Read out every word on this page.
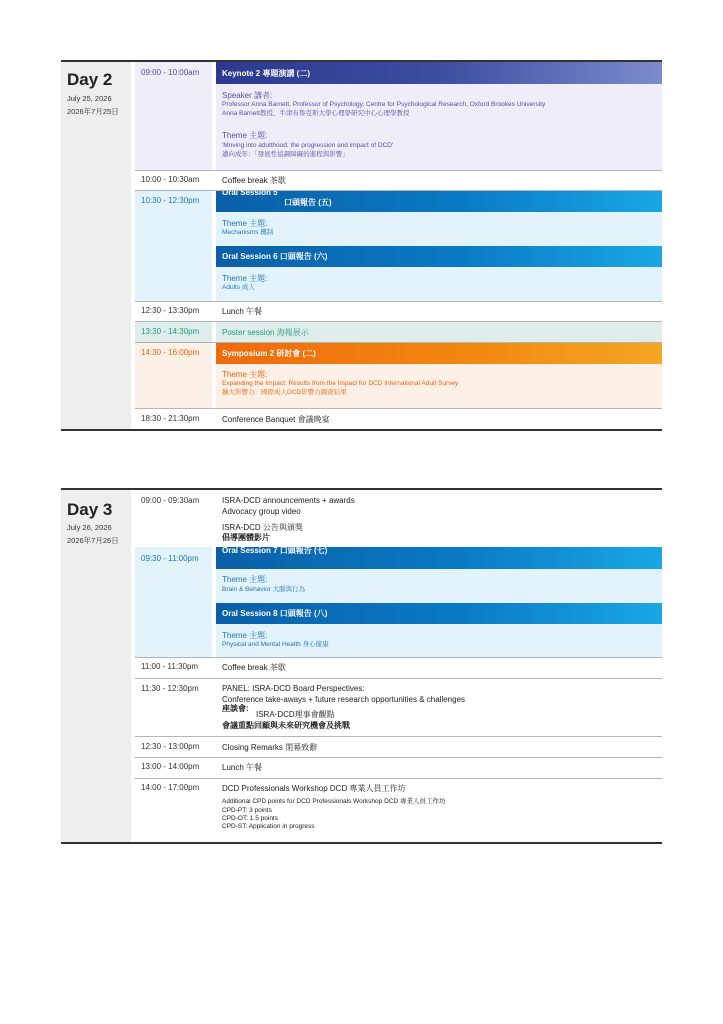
Day 2
July 25, 2026
2026年7月25日
09:00 - 10:00am	Keynote 2 專題演講 (二)
Speaker 講者:
Professor Anna Barnett, Professor of Psychology, Centre for Psychological Research, Oxford Brookes University
Anna Barnett教授，牛津布魯克斯大學心理學研究中心心理學教授
Theme 主題:
'Moving into adulthood: the progression and impact of DCD'
邁向成年：「發展性協調障礙的進程與影響」
10:00 - 10:30am	Coffee break 茶歇
10:30 - 12:30pm
Oral Session 5
口頭報告 (五)
Theme 主題:
Mechanisms 機制
Oral Session 6 口頭報告 (六)
Theme 主題:
Adults 成人
12:30 - 13:30pm	Lunch 午餐
13:30 - 14:30pm	Poster session 海報展示
14:30 - 16:00pm	Symposium 2 研討會 (二)
Theme 主題:
Expanding the Impact: Results from the Impact for DCD International Adult Survey
擴大影響力：國際成人DCD影響力調查結果
18:30 - 21:30pm	Conference Banquet 會議晚宴
Day 3
July 26, 2026
2026年7月26日
09:00 - 09:30am	ISRA-DCD announcements + awards
Advocacy group video
ISRA-DCD 公告與頒獎
倡導團體影片
09:30 - 11:00pm
Oral Session 7 口頭報告 (七)
Theme 主題:
Brain & Behavior 大腦與行為
Oral Session 8 口頭報告 (八)
Theme 主題:
Physical and Mental Health 身心健康
11:00 - 11:30pm	Coffee break 茶歇
11:30 - 12:30pm	PANEL: ISRA-DCD Board Perspectives:
Conference take-aways + future research opportunities & challenges
座談會:
ISRA-DCD理事會觀點
會議重點回顧與未來研究機會及挑戰
12:30 - 13:00pm	Closing Remarks 閉幕致辭
13:00 - 14:00pm	Lunch 午餐
14:00 - 17:00pm	DCD Professionals Workshop DCD 專業人員工作坊
Additional CPD points for DCD Professionals Workshop DCD 專業人員工作坊
CPD-PT: 3 points
CPD-OT: 1.5 points
CPD-ST: Application in progress
